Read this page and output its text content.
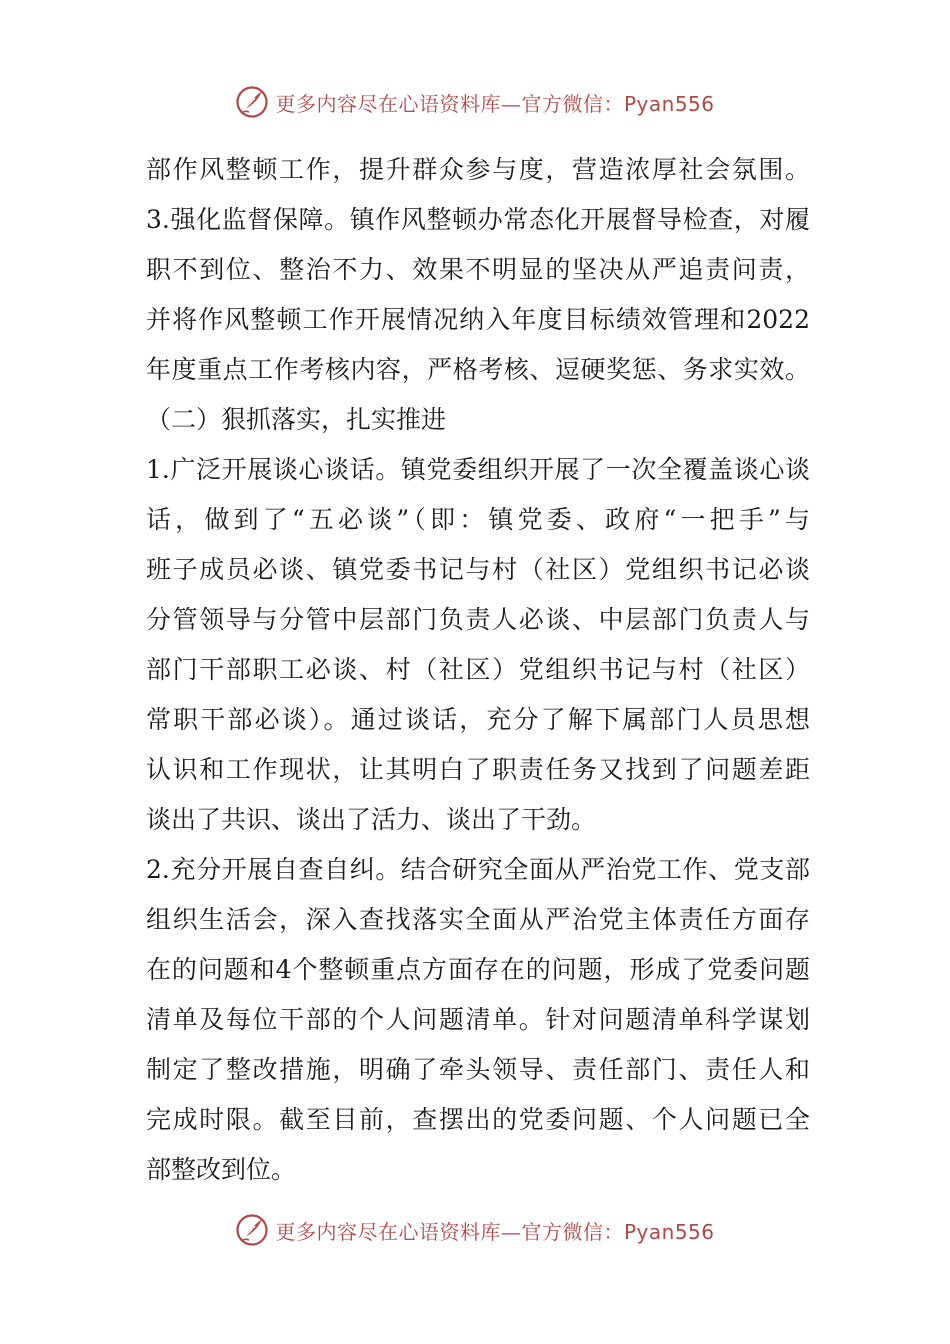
更多内容尽在心语资料库—官方微信：Pyan556
部作风整顿工作，提升群众参与度，营造浓厚社会氛围。
3.强化监督保障。镇作风整顿办常态化开展督导检查，对履
职不到位、整治不力、效果不明显的坚决从严追责问责，
并将作风整顿工作开展情况纳入年度目标绩效管理和2022
年度重点工作考核内容，严格考核、逗硬奖惩、务求实效。
（二）狠抓落实，扎实推进
1.广泛开展谈心谈话。镇党委组织开展了一次全覆盖谈心谈
话，做到了“五必谈”（即：镇党委、政府“一把手”与
班子成员必谈、镇党委书记与村（社区）党组织书记必谈
分管领导与分管中层部门负责人必谈、中层部门负责人与
部门干部职工必谈、村（社区）党组织书记与村（社区）
常职干部必谈）。通过谈话，充分了解下属部门人员思想
认识和工作现状，让其明白了职责任务又找到了问题差距
谈出了共识、谈出了活力、谈出了干劲。
2.充分开展自查自纠。结合研究全面从严治党工作、党支部
组织生活会，深入查找落实全面从严治党主体责任方面存
在的问题和4个整顿重点方面存在的问题，形成了党委问题
清单及每位干部的个人问题清单。针对问题清单科学谋划
制定了整改措施，明确了牵头领导、责任部门、责任人和
完成时限。截至目前，查摆出的党委问题、个人问题已全
部整改到位。
更多内容尽在心语资料库—官方微信：Pyan556
